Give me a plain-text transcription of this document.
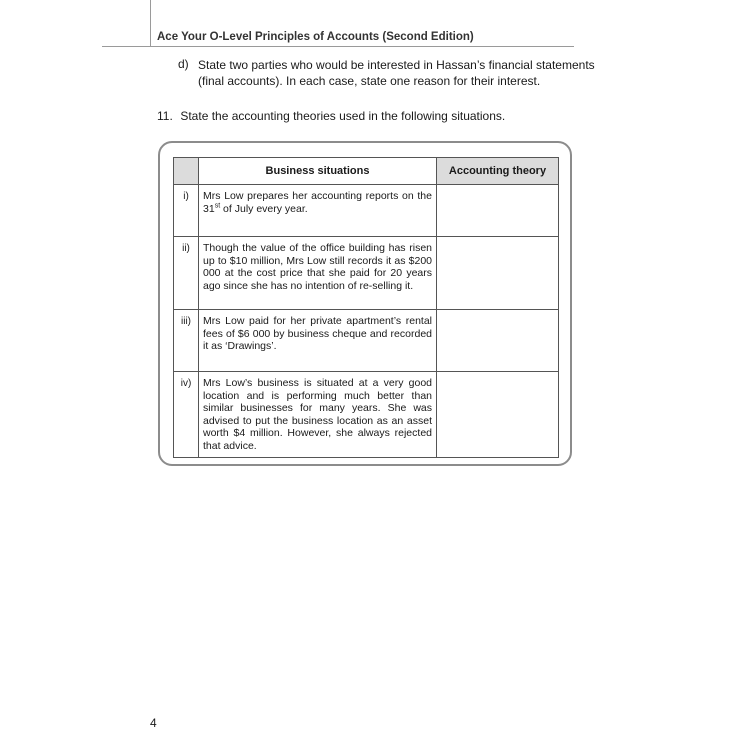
Ace Your O-Level Principles of Accounts (Second Edition)
d) State two parties who would be interested in Hassan’s financial statements
(final accounts). In each case, state one reason for their interest.
11. State the accounting theories used in the following situations.
	Business situations	Accounting theory
i)	Mrs Low prepares her accounting reports on the 31st of July every year.	
ii)	Though the value of the office building has risen up to $10 million, Mrs Low still records it as $200 000 at the cost price that she paid for 20 years ago since she has no intention of re-selling it.	
iii)	Mrs Low paid for her private apartment’s rental fees of $6 000 by business cheque and recorded it as ‘Drawings’.	
iv)	Mrs Low’s business is situated at a very good location and is performing much better than similar businesses for many years. She was advised to put the business location as an asset worth $4 million. However, she always rejected that advice.	
4
